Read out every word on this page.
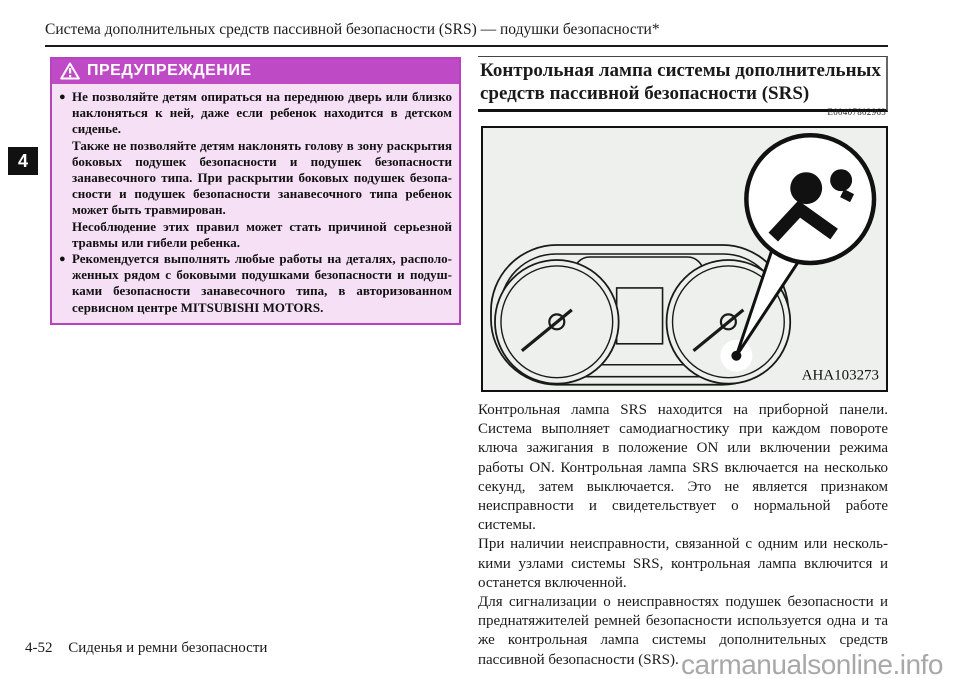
Система дополнительных средств пассивной безопасности (SRS) — подушки безопасности*
4
ПРЕДУПРЕЖДЕНИЕ
● Не позволяйте детям опираться на переднюю дверь или близко наклоняться к ней, даже если ребенок находится в детском сиденье.
Также не позволяйте детям наклонять голову в зону раскрытия боковых подушек безопасности и подушек безопасности занавесочного типа. При раскрытии боковых подушек безопасности и подушек безопасности занавесочного типа ребенок может быть травмирован.
Несоблюдение этих правил может стать причиной серьезной травмы или гибели ребенка.
● Рекомендуется выполнять любые работы на деталях, расположенных рядом с боковыми подушками безопасности и подушками безопасности занавесочного типа, в авторизованном сервисном центре MITSUBISHI MOTORS.
Контрольная лампа системы дополнительных средств пассивной безопасности (SRS)
E00407802963
AHA103273

Контрольная лампа SRS находится на приборной панели. Система выполняет самодиагностику при каждом повороте ключа зажигания в положение ON или включении режима работы ON. Контрольная лампа SRS включается на несколько секунд, затем выключается. Это не является признаком неисправности и свидетельствует о нормальной работе системы.

При наличии неисправности, связанной с одним или несколькими узлами системы SRS, контрольная лампа включится и останется включенной.

Для сигнализации о неисправностях подушек безопасности и преднатяжителей ремней безопасности используется одна и та же контрольная лампа системы дополнительных средств пассивной безопасности (SRS).

4-52 Сиденья и ремни безопасности
carmanualsonline.info
